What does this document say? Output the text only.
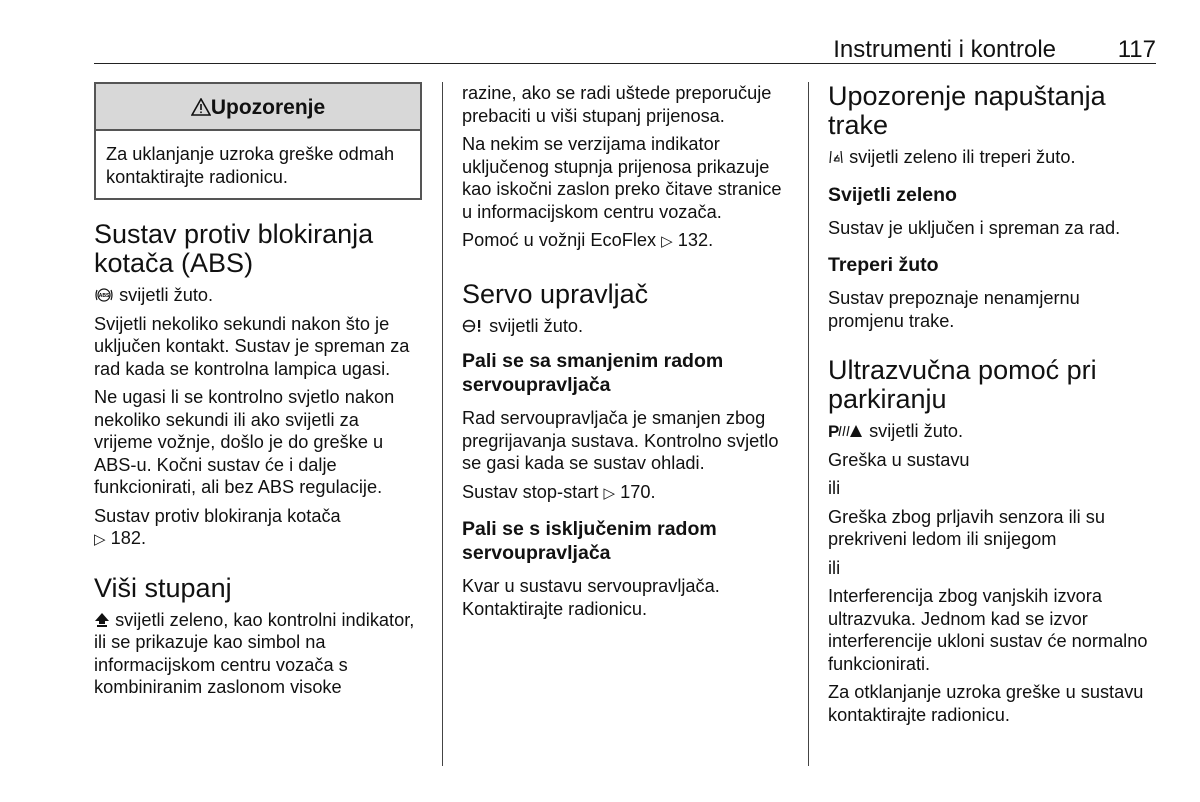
Instrumenti i kontrole	117
Upozorenje

Za uklanjanje uzroka greške odmah kontaktirajte radionicu.

Sustav protiv blokiranja kotača (ABS)

ABS svijetli žuto.

Svijetli nekoliko sekundi nakon što je uključen kontakt. Sustav je spreman za rad kada se kontrolna lampica ugasi.

Ne ugasi li se kontrolno svjetlo nakon nekoliko sekundi ili ako svijetli za vrijeme vožnje, došlo je do greške u ABS-u. Kočni sustav će i dalje funkcionirati, ali bez ABS regulacije.

Sustav protiv blokiranja kotača
▷ 182.

Viši stupanj

svijetli zeleno, kao kontrolni indikator, ili se prikazuje kao simbol na informacijskom centru vozača s kombiniranim zaslonom visoke

razine, ako se radi uštede preporučuje prebaciti u viši stupanj prijenosa.

Na nekim se verzijama indikator uključenog stupnja prijenosa prikazuje kao iskočni zaslon preko čitave stranice u informacijskom centru vozača.

Pomoć u vožnji EcoFlex ▷ 132.

Servo upravljač

svijetli žuto.

Pali se sa smanjenim radom servoupravljača

Rad servoupravljača je smanjen zbog pregrijavanja sustava. Kontrolno svjetlo se gasi kada se sustav ohladi.

Sustav stop-start ▷ 170.

Pali se s isključenim radom servoupravljača

Kvar u sustavu servoupravljača. Kontaktirajte radionicu.

Upozorenje napuštanja trake

svijetli zeleno ili treperi žuto.

Svijetli zeleno

Sustav je uključen i spreman za rad.

Treperi žuto

Sustav prepoznaje nenamjernu promjenu trake.

Ultrazvučna pomoć pri parkiranju

P svijetli žuto.

Greška u sustavu

ili

Greška zbog prljavih senzora ili su prekriveni ledom ili snijegom

ili

Interferencija zbog vanjskih izvora ultrazvuka. Jednom kad se izvor interferencije ukloni sustav će normalno funkcionirati.

Za otklanjanje uzroka greške u sustavu kontaktirajte radionicu.
